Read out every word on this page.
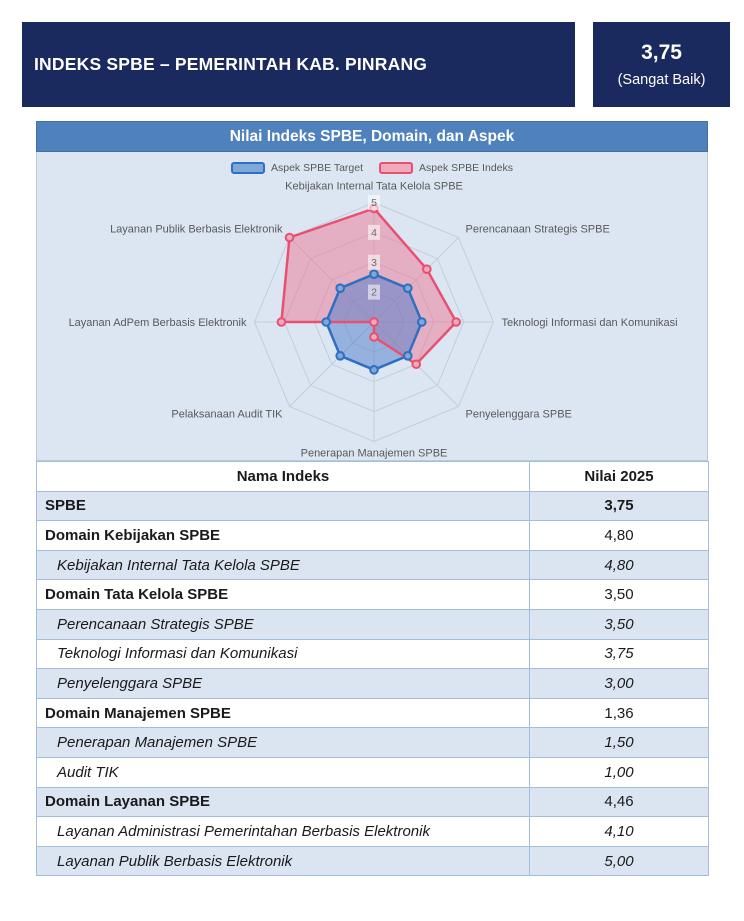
INDEKS SPBE – PEMERINTAH KAB. PINRANG	3,75
(Sangat Baik)
Nilai Indeks SPBE, Domain, dan Aspek
Aspek SPBE Target	Aspek SPBE Indeks
2
3
4
5
Kebijakan Internal Tata Kelola SPBE
Perencanaan Strategis SPBE
Teknologi Informasi dan Komunikasi
Penyelenggara SPBE
Penerapan Manajemen SPBE
Pelaksanaan Audit TIK
Layanan AdPem Berbasis Elektronik
Layanan Publik Berbasis Elektronik
Nama Indeks	Nilai 2025
SPBE	3,75
Domain Kebijakan SPBE	4,80
Kebijakan Internal Tata Kelola SPBE	4,80
Domain Tata Kelola SPBE	3,50
Perencanaan Strategis SPBE	3,50
Teknologi Informasi dan Komunikasi	3,75
Penyelenggara SPBE	3,00
Domain Manajemen SPBE	1,36
Penerapan Manajemen SPBE	1,50
Audit TIK	1,00
Domain Layanan SPBE	4,46
Layanan Administrasi Pemerintahan Berbasis Elektronik	4,10
Layanan Publik Berbasis Elektronik	5,00
